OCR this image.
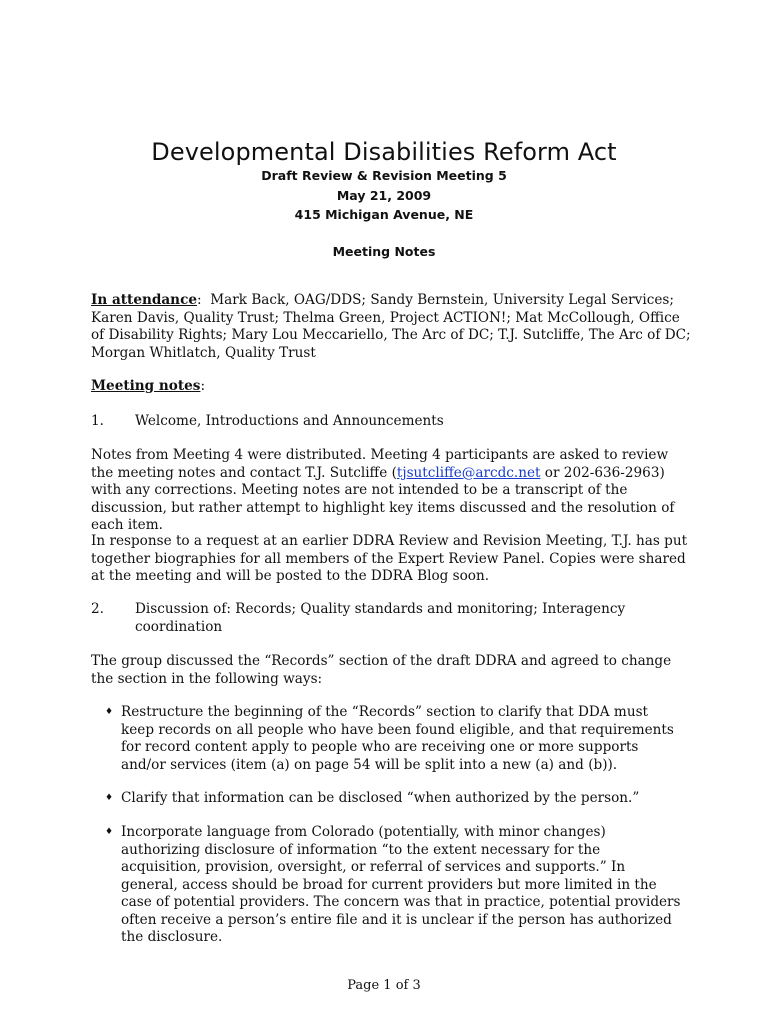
Developmental Disabilities Reform Act
Draft Review & Revision Meeting 5
May 21, 2009
415 Michigan Avenue, NE
Meeting Notes
In attendance:  Mark Back, OAG/DDS; Sandy Bernstein, University Legal Services; Karen Davis, Quality Trust; Thelma Green, Project ACTION!; Mat McCollough, Office of Disability Rights; Mary Lou Meccariello, The Arc of DC; T.J. Sutcliffe, The Arc of DC; Morgan Whitlatch, Quality Trust
Meeting notes:
1. Welcome, Introductions and Announcements
Notes from Meeting 4 were distributed. Meeting 4 participants are asked to review the meeting notes and contact T.J. Sutcliffe (tjsutcliffe@arcdc.net or 202-636-2963) with any corrections. Meeting notes are not intended to be a transcript of the discussion, but rather attempt to highlight key items discussed and the resolution of each item.
In response to a request at an earlier DDRA Review and Revision Meeting, T.J. has put together biographies for all members of the Expert Review Panel. Copies were shared at the meeting and will be posted to the DDRA Blog soon.
2. Discussion of: Records; Quality standards and monitoring; Interagency coordination
The group discussed the “Records” section of the draft DDRA and agreed to change the section in the following ways:
♦ Restructure the beginning of the “Records” section to clarify that DDA must keep records on all people who have been found eligible, and that requirements for record content apply to people who are receiving one or more supports and/or services (item (a) on page 54 will be split into a new (a) and (b)).
♦ Clarify that information can be disclosed “when authorized by the person.”
♦ Incorporate language from Colorado (potentially, with minor changes) authorizing disclosure of information “to the extent necessary for the acquisition, provision, oversight, or referral of services and supports.” In general, access should be broad for current providers but more limited in the case of potential providers. The concern was that in practice, potential providers often receive a person’s entire file and it is unclear if the person has authorized the disclosure.
Page 1 of 3
